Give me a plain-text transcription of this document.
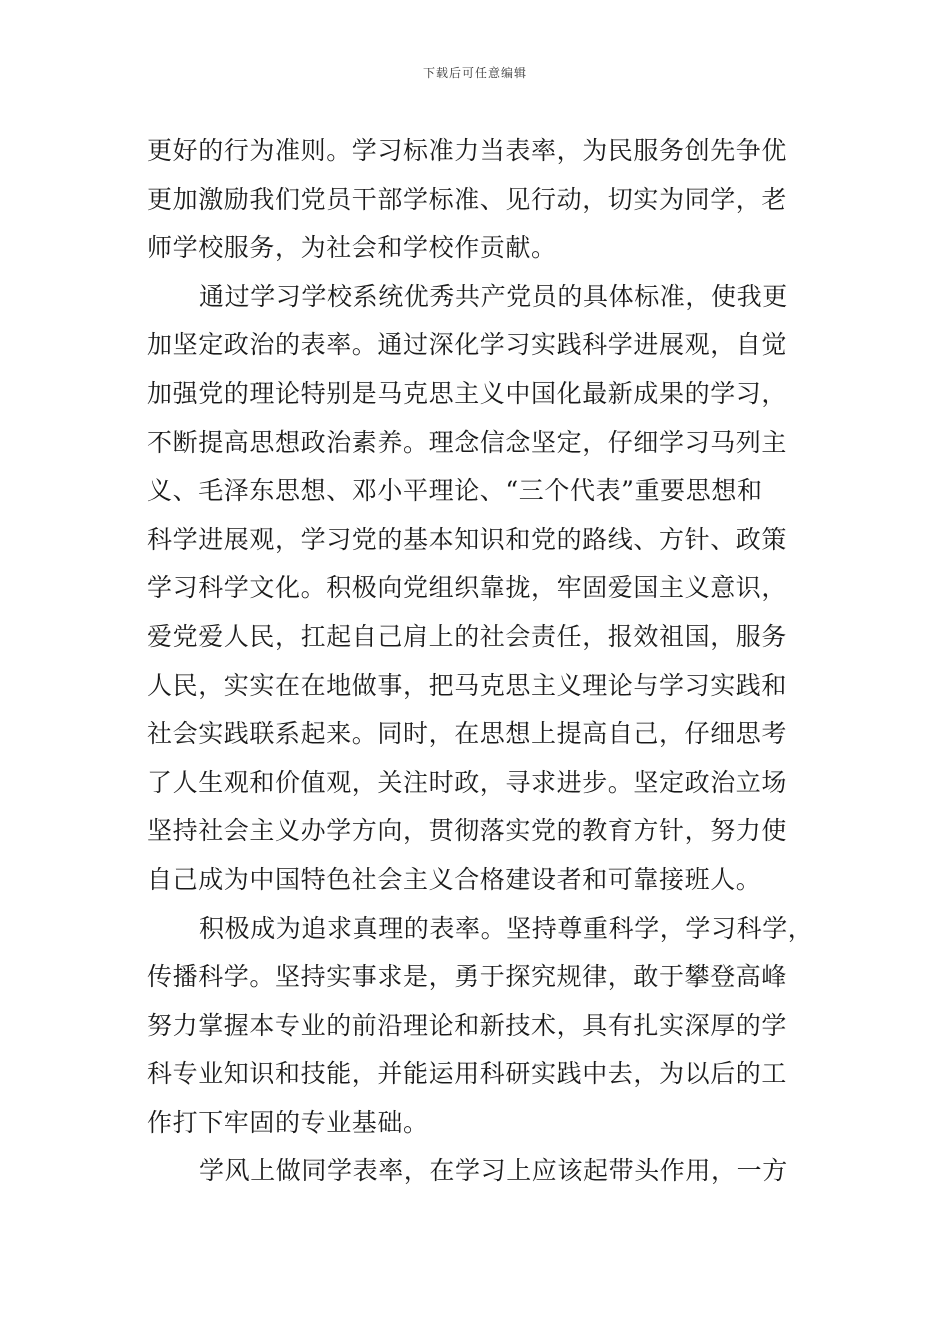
下载后可任意编辑
更好的行为准则。学习标准力当表率，为民服务创先争优
更加激励我们党员干部学标准、见行动，切实为同学，老
师学校服务，为社会和学校作贡献。
通过学习学校系统优秀共产党员的具体标准，使我更
加坚定政治的表率。通过深化学习实践科学进展观，自觉
加强党的理论特别是马克思主义中国化最新成果的学习，
不断提高思想政治素养。理念信念坚定，仔细学习马列主
义、毛泽东思想、邓小平理论、“三个代表”重要思想和
科学进展观，学习党的基本知识和党的路线、方针、政策
学习科学文化。积极向党组织靠拢，牢固爱国主义意识，
爱党爱人民，扛起自己肩上的社会责任，报效祖国，服务
人民，实实在在地做事，把马克思主义理论与学习实践和
社会实践联系起来。同时，在思想上提高自己，仔细思考
了人生观和价值观，关注时政，寻求进步。坚定政治立场
坚持社会主义办学方向，贯彻落实党的教育方针，努力使
自己成为中国特色社会主义合格建设者和可靠接班人。
积极成为追求真理的表率。坚持尊重科学，学习科学，
传播科学。坚持实事求是，勇于探究规律，敢于攀登高峰
努力掌握本专业的前沿理论和新技术，具有扎实深厚的学
科专业知识和技能，并能运用科研实践中去，为以后的工
作打下牢固的专业基础。
学风上做同学表率，在学习上应该起带头作用，一方
